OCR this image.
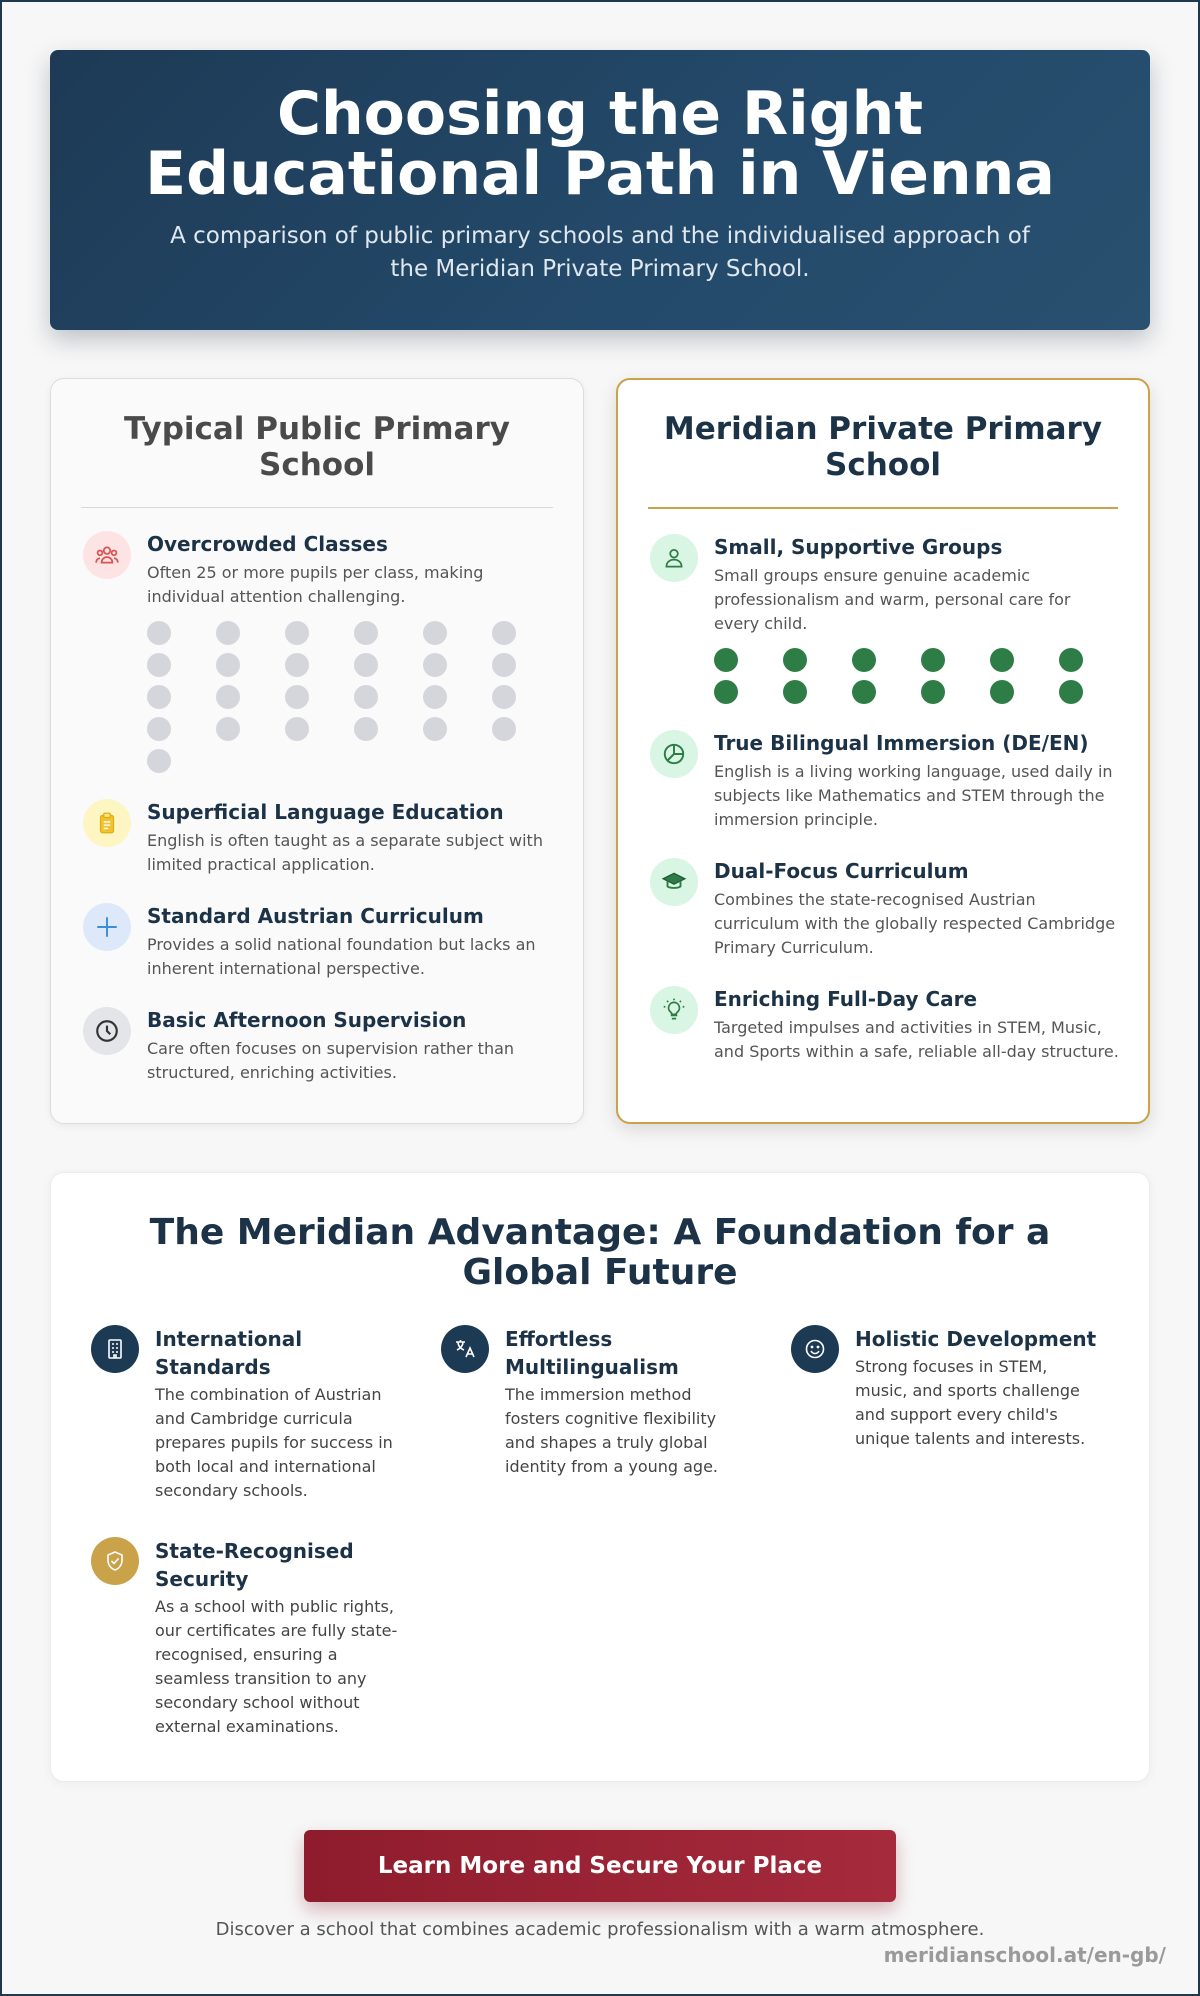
Choosing the Right Educational Path in Vienna

A comparison of public primary schools and the individualised approach of the Meridian Private Primary School.

Typical Public Primary School
Overcrowded Classes

Often 25 or more pupils per class, making individual attention challenging.

Superficial Language Education

English is often taught as a separate subject with limited practical application.

Standard Austrian Curriculum

Provides a solid national foundation but lacks an inherent international perspective.

Basic Afternoon Supervision

Care often focuses on supervision rather than structured, enriching activities.

Meridian Private Primary School
Small, Supportive Groups

Small groups ensure genuine academic professionalism and warm, personal care for every child.

True Bilingual Immersion (DE/EN)

English is a living working language, used daily in subjects like Mathematics and STEM through the immersion principle.

Dual-Focus Curriculum

Combines the state-recognised Austrian curriculum with the globally respected Cambridge Primary Curriculum.

Enriching Full-Day Care

Targeted impulses and activities in STEM, Music, and Sports within a safe, reliable all-day structure.

The Meridian Advantage: A Foundation for a Global Future
International Standards

The combination of Austrian and Cambridge curricula prepares pupils for success in both local and international secondary schools.

Effortless Multilingualism

The immersion method fosters cognitive flexibility and shapes a truly global identity from a young age.

Holistic Development

Strong focuses in STEM, music, and sports challenge and support every child's unique talents and interests.

State-Recognised Security

As a school with public rights, our certificates are fully state-recognised, ensuring a seamless transition to any secondary school without external examinations.

Learn More and Secure Your Place

Discover a school that combines academic professionalism with a warm atmosphere.

meridianschool.at/en-gb/
